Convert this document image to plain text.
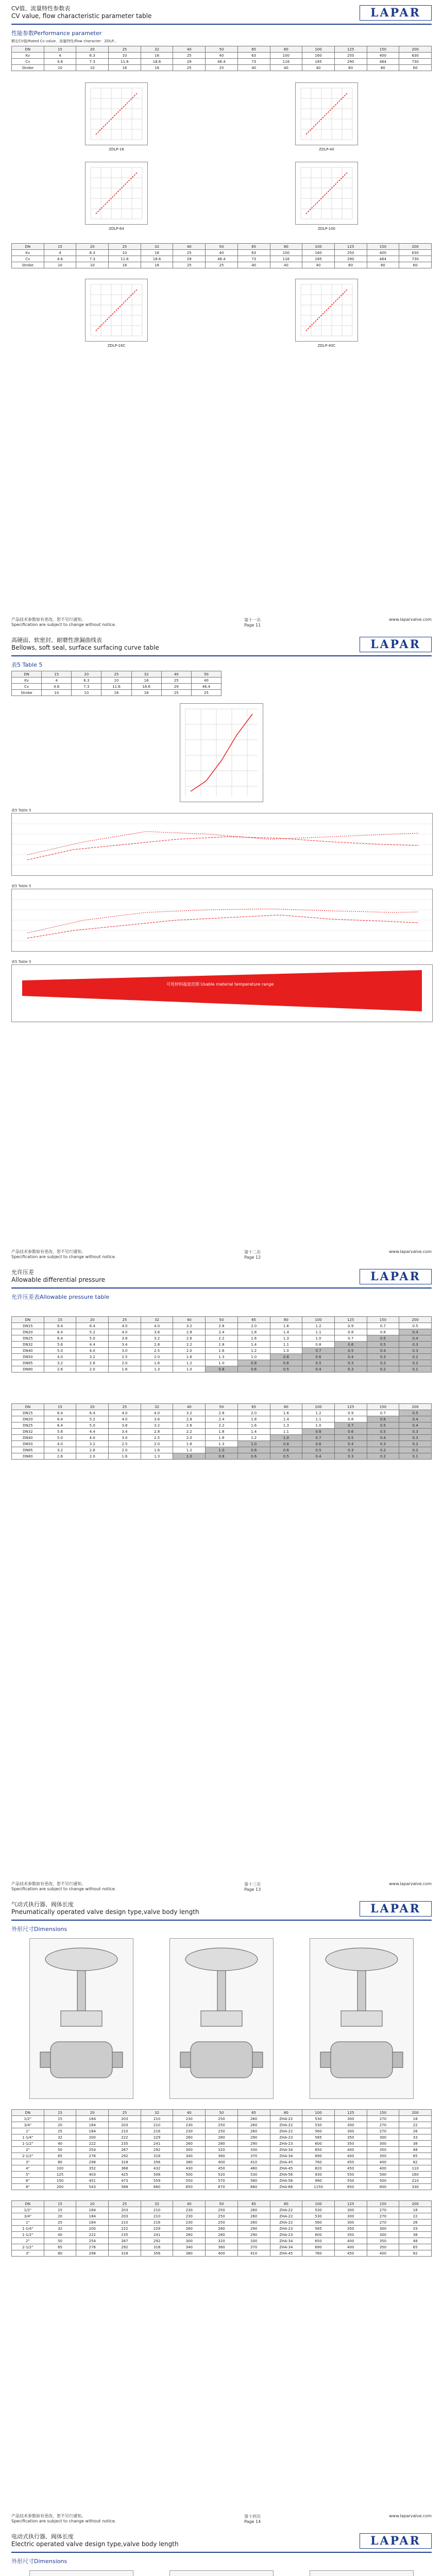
CV值、流量特性参数表
CV value, flow characteristic parameter table	LAPAR
性能参数Performance parameter
额定CV值/Rated Cv value，流量特性/flow character：ZDLP...
DN	15	20	25	32	40	50	65	80	100	125	150	200
Kv	4	6.3	10	16	25	40	63	100	160	250	400	630
Cv	4.6	7.3	11.6	18.6	29	46.4	73	116	185	290	464	730
Stroke	10	10	16	16	25	25	40	40	40	60	60	60
ZDLP-16	ZDLP-40
ZDLP-64	ZDLP-100
DN	15	20	25	32	40	50	65	80	100	125	150	200
Kv	4	6.3	10	16	25	40	63	100	160	250	400	630
Cv	4.6	7.3	11.6	18.6	29	46.4	73	116	185	290	464	730
Stroke	10	10	16	16	25	25	40	40	40	60	60	60
ZDLP-16C	ZDLP-40C
产品技术参数如有更改，恕不另行通知。
Specification are subject to change without notice.
第十一页
Page 11
www.laparvalve.com
高硬面、软密封、耐磨性泄漏曲线表
Bellows, soft seal, surface surfacing curve table	LAPAR
表5 Table 5
DN	15	20	25	32	40	50
Kv	4	6.3	10	16	25	40
Cv	4.6	7.3	11.6	18.6	29	46.4
Stroke	10	10	16	16	25	25
表5 Table 5
表5 Table 5
表5 Table 5
可用材料温度范围 Usable material temperature range
产品技术参数如有更改，恕不另行通知。
Specification are subject to change without notice.
第十二页
Page 12
www.laparvalve.com
允许压差
Allowable differential pressure	LAPAR
允许压差表Allowable pressure table
DN	15	20	25	32	40	50	65	80	100	125	150	200
DN15	6.4	6.4	4.0	4.0	3.2	2.8	2.0	1.6	1.2	0.9	0.7	0.5
DN20	6.4	5.2	4.0	3.6	2.8	2.4	1.8	1.4	1.1	0.8	0.6	0.4
DN25	6.4	5.0	3.8	3.2	2.6	2.2	1.6	1.3	1.0	0.7	0.5	0.4
DN32	5.6	4.4	3.4	2.8	2.2	1.8	1.4	1.1	0.8	0.6	0.5	0.3
DN40	5.0	4.0	3.0	2.5	2.0	1.6	1.2	1.0	0.7	0.5	0.4	0.3
DN50	4.0	3.2	2.5	2.0	1.6	1.3	1.0	0.8	0.6	0.4	0.3	0.2
DN65	3.2	2.6	2.0	1.6	1.2	1.0	0.8	0.6	0.5	0.3	0.2	0.2
DN80	2.6	2.0	1.6	1.3	1.0	0.8	0.6	0.5	0.4	0.3	0.2	0.1
DN	15	20	25	32	40	50	65	80	100	125	150	200
DN15	6.4	6.4	4.0	4.0	3.2	2.8	2.0	1.6	1.2	0.9	0.7	0.5
DN20	6.4	5.2	4.0	3.6	2.8	2.4	1.8	1.4	1.1	0.8	0.6	0.4
DN25	6.4	5.0	3.8	3.2	2.6	2.2	1.6	1.3	1.0	0.7	0.5	0.4
DN32	5.6	4.4	3.4	2.8	2.2	1.8	1.4	1.1	0.8	0.6	0.5	0.3
DN40	5.0	4.0	3.0	2.5	2.0	1.6	1.2	1.0	0.7	0.5	0.4	0.3
DN50	4.0	3.2	2.5	2.0	1.6	1.3	1.0	0.8	0.6	0.4	0.3	0.2
DN65	3.2	2.6	2.0	1.6	1.2	1.0	0.8	0.6	0.5	0.3	0.2	0.2
DN80	2.6	2.0	1.6	1.3	1.0	0.8	0.6	0.5	0.4	0.3	0.2	0.1
产品技术参数如有更改，恕不另行通知。
Specification are subject to change without notice.
第十三页
Page 13
www.laparvalve.com
气动式执行器、阀体长度
Pneumatically operated valve design type,valve body length	LAPAR
外形尺寸Dimensions
DN	15	20	25	32	40	50	65	80	100	125	150	200
1/2"	15	184	203	210	230	250	260	ZHA-22	530	300	270	18
3/4"	20	184	203	210	230	250	260	ZHA-22	530	300	270	22
1"	25	184	210	216	230	250	260	ZHA-22	560	300	270	26
1-1/4"	32	200	222	229	260	280	290	ZHA-23	585	350	300	33
1-1/2"	40	222	235	241	260	280	290	ZHA-23	600	350	300	38
2"	50	254	267	292	300	320	330	ZHA-34	650	400	350	48
2-1/2"	65	276	292	318	340	360	370	ZHA-34	690	400	350	65
3"	80	298	318	356	380	400	410	ZHA-45	760	450	400	82
4"	100	352	368	432	430	450	460	ZHA-45	820	450	400	110
5"	125	403	425	508	500	520	530	ZHA-56	930	550	500	160
6"	150	451	473	559	550	570	580	ZHA-56	990	550	500	210
8"	200	543	568	660	650	670	680	ZHA-66	1150	650	600	330
DN	15	20	25	32	40	50	65	80	100	125	150	200
1/2"	15	184	203	210	230	250	260	ZHA-22	530	300	270	18
3/4"	20	184	203	210	230	250	260	ZHA-22	530	300	270	22
1"	25	184	210	216	230	250	260	ZHA-22	560	300	270	26
1-1/4"	32	200	222	229	260	280	290	ZHA-23	585	350	300	33
1-1/2"	40	222	235	241	260	280	290	ZHA-23	600	350	300	38
2"	50	254	267	292	300	320	330	ZHA-34	650	400	350	48
2-1/2"	65	276	292	318	340	360	370	ZHA-34	690	400	350	65
3"	80	298	318	356	380	400	410	ZHA-45	760	450	400	82
产品技术参数如有更改，恕不另行通知。
Specification are subject to change without notice.
第十四页
Page 14
www.laparvalve.com
电动式执行器、阀体长度
Electric operated valve design type,valve body length	LAPAR
外形尺寸Dimensions
